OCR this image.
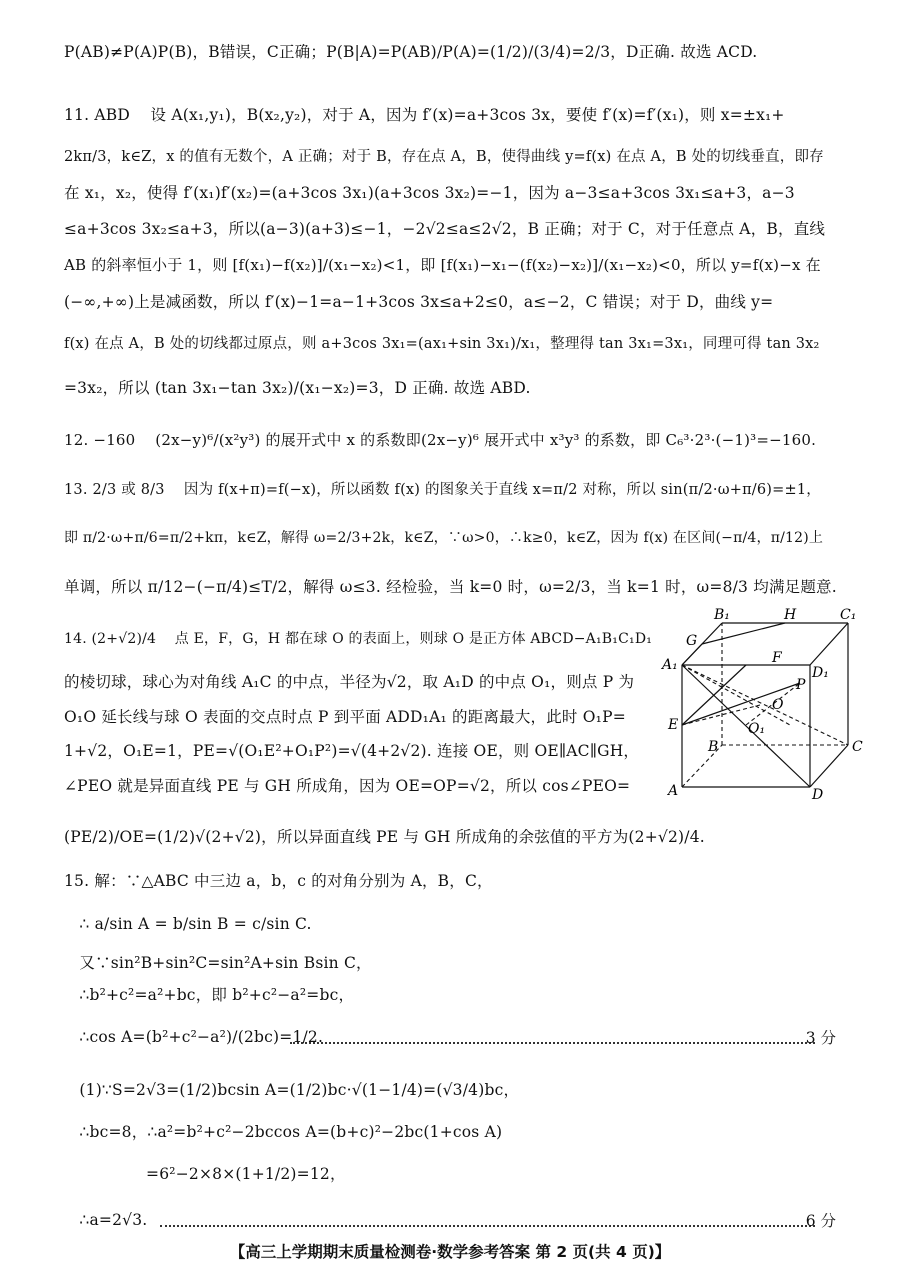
P(AB)≠P(A)P(B)，B错误，C正确；P(B|A)=P(AB)/P(A)=(1/2)/(3/4)=2/3，D正确. 故选 ACD.
11. ABD    设 A(x₁,y₁)，B(x₂,y₂)，对于 A，因为 f′(x)=a+3cos 3x，要使 f′(x)=f′(x₁)，则 x=±x₁+
2kπ/3，k∈Z，x 的值有无数个，A 正确；对于 B，存在点 A，B，使得曲线 y=f(x) 在点 A，B 处的切线垂直，即存
在 x₁，x₂，使得 f′(x₁)f′(x₂)=(a+3cos 3x₁)(a+3cos 3x₂)=−1，因为 a−3≤a+3cos 3x₁≤a+3，a−3
≤a+3cos 3x₂≤a+3，所以(a−3)(a+3)≤−1，−2√2≤a≤2√2，B 正确；对于 C，对于任意点 A，B，直线
AB 的斜率恒小于 1，则 [f(x₁)−f(x₂)]/(x₁−x₂)<1，即 [f(x₁)−x₁−(f(x₂)−x₂)]/(x₁−x₂)<0，所以 y=f(x)−x 在
(−∞,+∞)上是减函数，所以 f′(x)−1=a−1+3cos 3x≤a+2≤0，a≤−2，C 错误；对于 D，曲线 y=
f(x) 在点 A，B 处的切线都过原点，则 a+3cos 3x₁=(ax₁+sin 3x₁)/x₁，整理得 tan 3x₁=3x₁，同理可得 tan 3x₂
=3x₂，所以 (tan 3x₁−tan 3x₂)/(x₁−x₂)=3，D 正确. 故选 ABD.
12. −160    (2x−y)⁶/(x²y³) 的展开式中 x 的系数即(2x−y)⁶ 展开式中 x³y³ 的系数，即 C₆³·2³·(−1)³=−160.
13. 2/3 或 8/3    因为 f(x+π)=f(−x)，所以函数 f(x) 的图象关于直线 x=π/2 对称，所以 sin(π/2·ω+π/6)=±1，
即 π/2·ω+π/6=π/2+kπ，k∈Z，解得 ω=2/3+2k，k∈Z，∵ω>0，∴k≥0，k∈Z，因为 f(x) 在区间(−π/4，π/12)上
单调，所以 π/12−(−π/4)≤T/2，解得 ω≤3. 经检验，当 k=0 时，ω=2/3，当 k=1 时，ω=8/3 均满足题意.
14. (2+√2)/4    点 E，F，G，H 都在球 O 的表面上，则球 O 是正方体 ABCD−A₁B₁C₁D₁
的棱切球，球心为对角线 A₁C 的中点，半径为√2，取 A₁D 的中点 O₁，则点 P 为
O₁O 延长线与球 O 表面的交点时点 P 到平面 ADD₁A₁ 的距离最大，此时 O₁P=
1+√2，O₁E=1，PE=√(O₁E²+O₁P²)=√(4+2√2). 连接 OE，则 OE∥AC∥GH，
∠PEO 就是异面直线 PE 与 GH 所成角，因为 OE=OP=√2，所以 cos∠PEO=
(PE/2)/OE=(1/2)√(2+√2)，所以异面直线 PE 与 GH 所成角的余弦值的平方为(2+√2)/4.
15. 解：∵△ABC 中三边 a，b，c 的对角分别为 A，B，C，
∴ a/sin A = b/sin B = c/sin C.
又∵sin²B+sin²C=sin²A+sin Bsin C，
∴b²+c²=a²+bc，即 b²+c²−a²=bc，
∴cos A=(b²+c²−a²)/(2bc)=1/2.
(1)∵S=2√3=(1/2)bcsin A=(1/2)bc·√(1−1/4)=(√3/4)bc，
∴bc=8，∴a²=b²+c²−2bccos A=(b+c)²−2bc(1+cos A)
=6²−2×8×(1+1/2)=12，
∴a=2√3.
3 分
6 分
B₁	H	C₁
G
F
A₁	D₁
P
O
E	O₁
B	C
A	D
【高三上学期期末质量检测卷·数学参考答案 第 2 页(共 4 页)】
